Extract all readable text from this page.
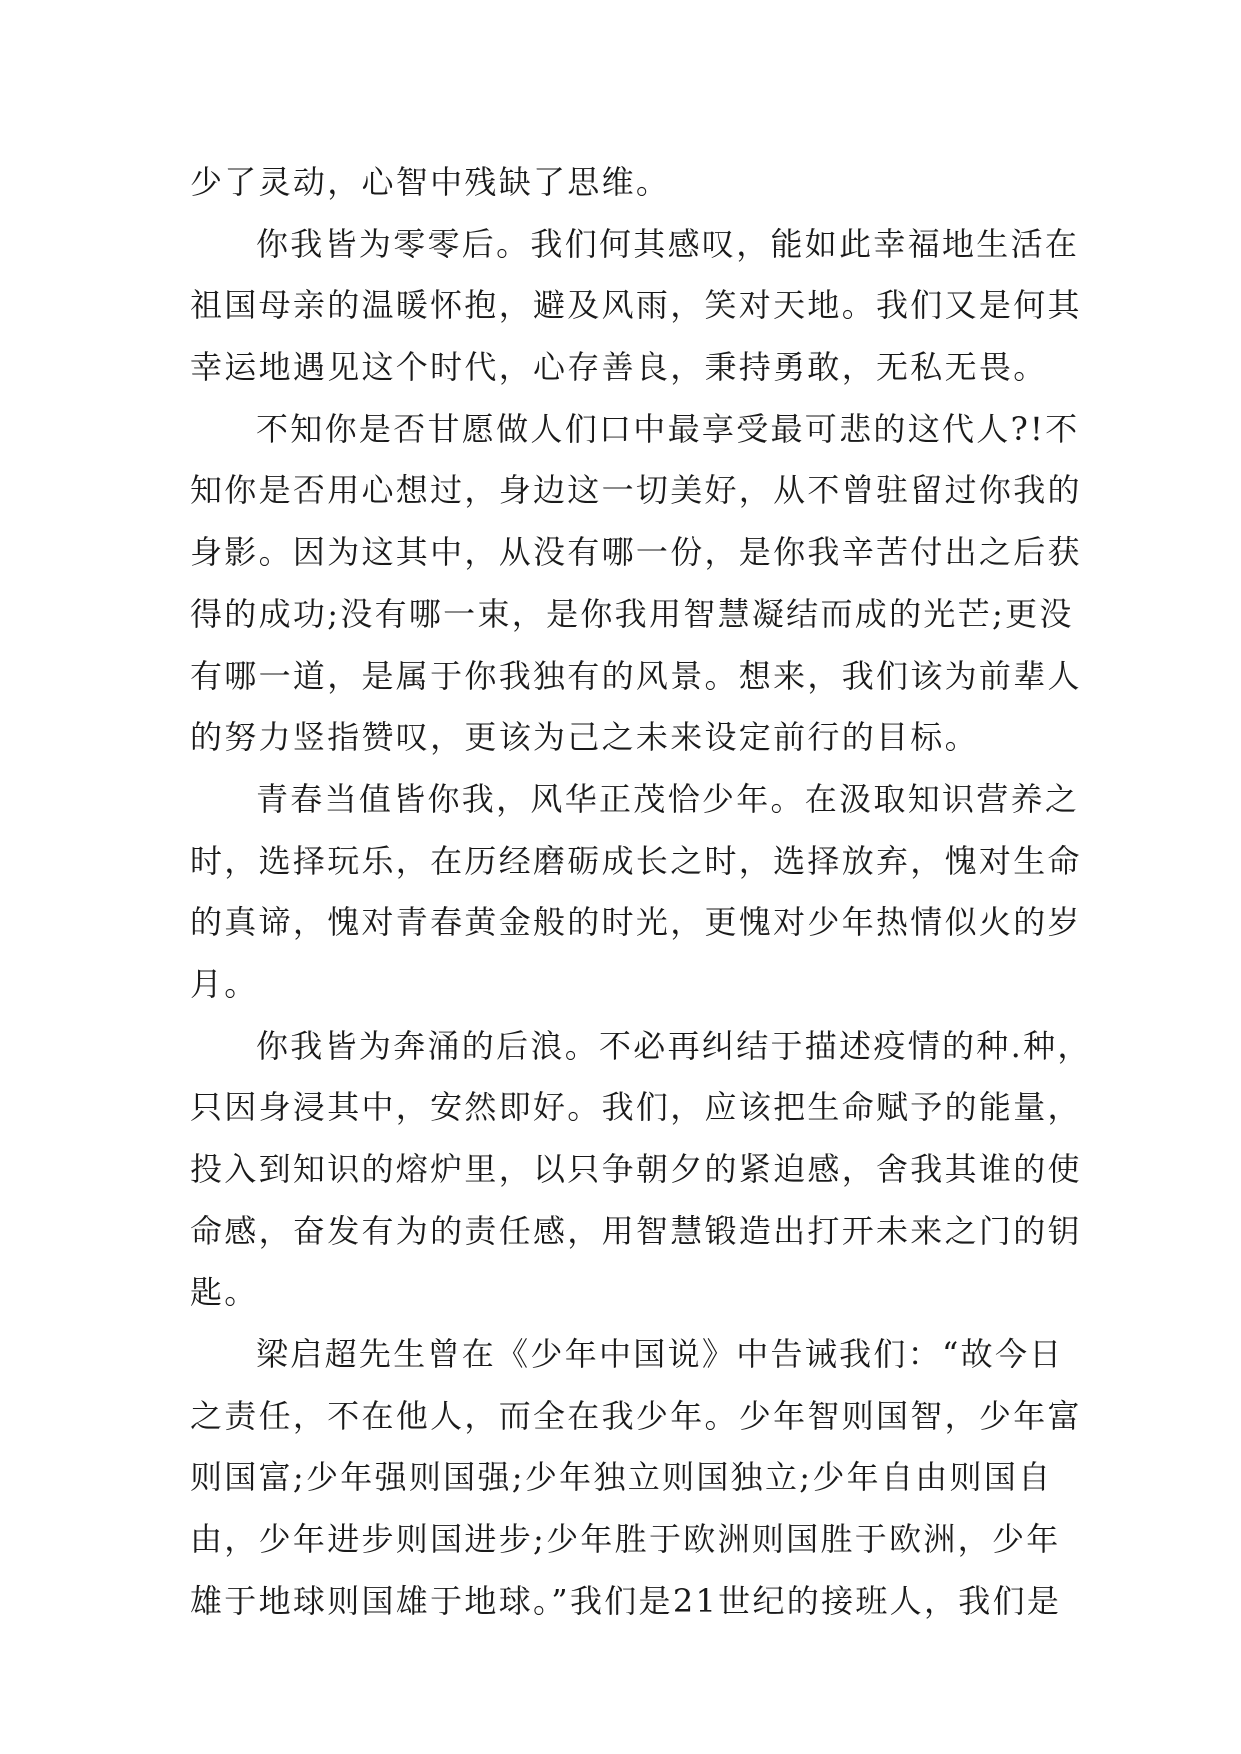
少了灵动，心智中残缺了思维。
你我皆为零零后。我们何其感叹，能如此幸福地生活在
祖国母亲的温暖怀抱，避及风雨，笑对天地。我们又是何其
幸运地遇见这个时代，心存善良，秉持勇敢，无私无畏。
不知你是否甘愿做人们口中最享受最可悲的这代人?!不
知你是否用心想过，身边这一切美好，从不曾驻留过你我的
身影。因为这其中，从没有哪一份，是你我辛苦付出之后获
得的成功;没有哪一束，是你我用智慧凝结而成的光芒;更没
有哪一道，是属于你我独有的风景。想来，我们该为前辈人
的努力竖指赞叹，更该为己之未来设定前行的目标。
青春当值皆你我，风华正茂恰少年。在汲取知识营养之
时，选择玩乐，在历经磨砺成长之时，选择放弃，愧对生命
的真谛，愧对青春黄金般的时光，更愧对少年热情似火的岁
月。
你我皆为奔涌的后浪。不必再纠结于描述疫情的种.种，
只因身浸其中，安然即好。我们，应该把生命赋予的能量，
投入到知识的熔炉里，以只争朝夕的紧迫感，舍我其谁的使
命感，奋发有为的责任感，用智慧锻造出打开未来之门的钥
匙。
梁启超先生曾在《少年中国说》中告诫我们：“故今日
之责任，不在他人，而全在我少年。少年智则国智，少年富
则国富;少年强则国强;少年独立则国独立;少年自由则国自
由，少年进步则国进步;少年胜于欧洲则国胜于欧洲，少年
雄于地球则国雄于地球。”我们是21世纪的接班人，我们是
